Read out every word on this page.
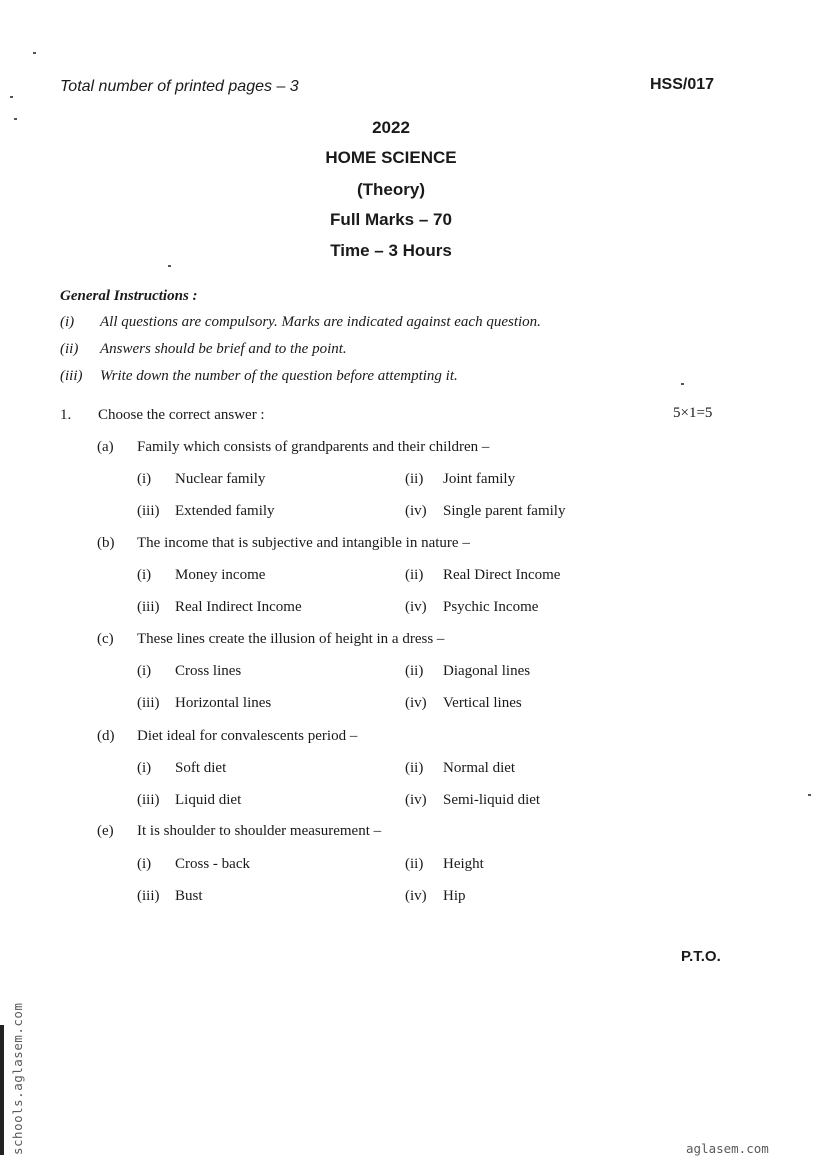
Total number of printed pages – 3	HSS/017
2022
HOME SCIENCE
(Theory)
Full Marks – 70
Time – 3 Hours
General Instructions :
(i) All questions are compulsory. Marks are indicated against each question.
(ii) Answers should be brief and to the point.
(iii) Write down the number of the question before attempting it.
1. Choose the correct answer :	5×1=5
(a) Family which consists of grandparents and their children –
(i) Nuclear family	(ii) Joint family
(iii) Extended family	(iv) Single parent family
(b) The income that is subjective and intangible in nature –
(i) Money income	(ii) Real Direct Income
(iii) Real Indirect Income	(iv) Psychic Income
(c) These lines create the illusion of height in a dress –
(i) Cross lines	(ii) Diagonal lines
(iii) Horizontal lines	(iv) Vertical lines
(d) Diet ideal for convalescents period –
(i) Soft diet	(ii) Normal diet
(iii) Liquid diet	(iv) Semi-liquid diet
(e) It is shoulder to shoulder measurement –
(i) Cross - back	(ii) Height
(iii) Bust	(iv) Hip
P.T.O.
schools.aglasem.com	aglasem.com
